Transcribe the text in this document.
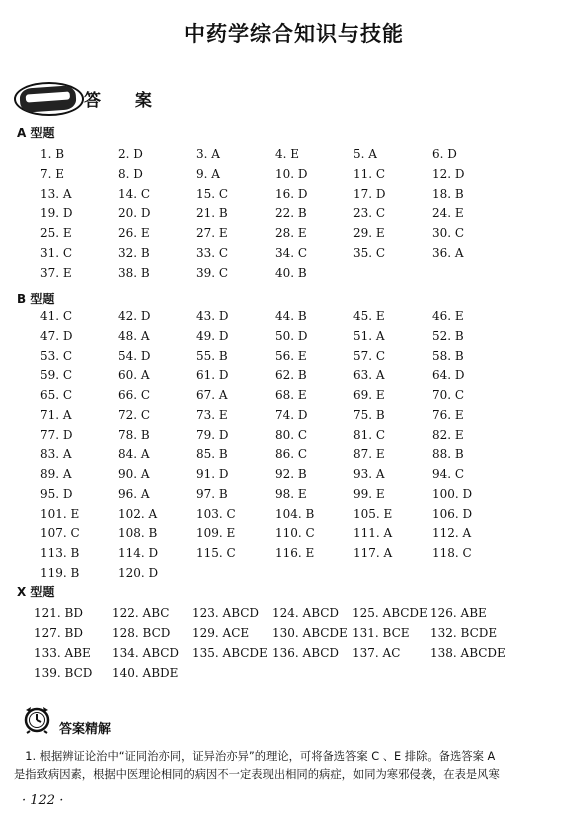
中药学综合知识与技能
答 案
A 型题
1. B	2. D	3. A	4. E	5. A	6. D
7. E	8. D	9. A	10. D	11. C	12. D
13. A	14. C	15. C	16. D	17. D	18. B
19. D	20. D	21. B	22. B	23. C	24. E
25. E	26. E	27. E	28. E	29. E	30. C
31. C	32. B	33. C	34. C	35. C	36. A
37. E	38. B	39. C	40. B
B 型题
41. C	42. D	43. D	44. B	45. E	46. E
47. D	48. A	49. D	50. D	51. A	52. B
53. C	54. D	55. B	56. E	57. C	58. B
59. C	60. A	61. D	62. B	63. A	64. D
65. C	66. C	67. A	68. E	69. E	70. C
71. A	72. C	73. E	74. D	75. B	76. E
77. D	78. B	79. D	80. C	81. C	82. E
83. A	84. A	85. B	86. C	87. E	88. B
89. A	90. A	91. D	92. B	93. A	94. C
95. D	96. A	97. B	98. E	99. E	100. D
101. E	102. A	103. C	104. B	105. E	106. D
107. C	108. B	109. E	110. C	111. A	112. A
113. B	114. D	115. C	116. E	117. A	118. C
119. B	120. D
X 型题
121. BD 122. ABC 123. ABCD 124. ABCD 125. ABCDE 126. ABE
127. BD 128. BCD 129. ACE 130. ABCDE 131. BCE 132. BCDE
133. ABE 134. ABCD 135. ABCDE 136. ABCD 137. AC 138. ABCDE
139. BCD 140. ABDE
答案精解
　1. 根据辨证论治中“证同治亦同，证异治亦异”的理论，可将备选答案 C 、E 排除。备选答案 A
是指致病因素，根据中医理论相同的病因不一定表现出相同的病症，如同为寒邪侵袭，在表是风寒
· 122 ·
